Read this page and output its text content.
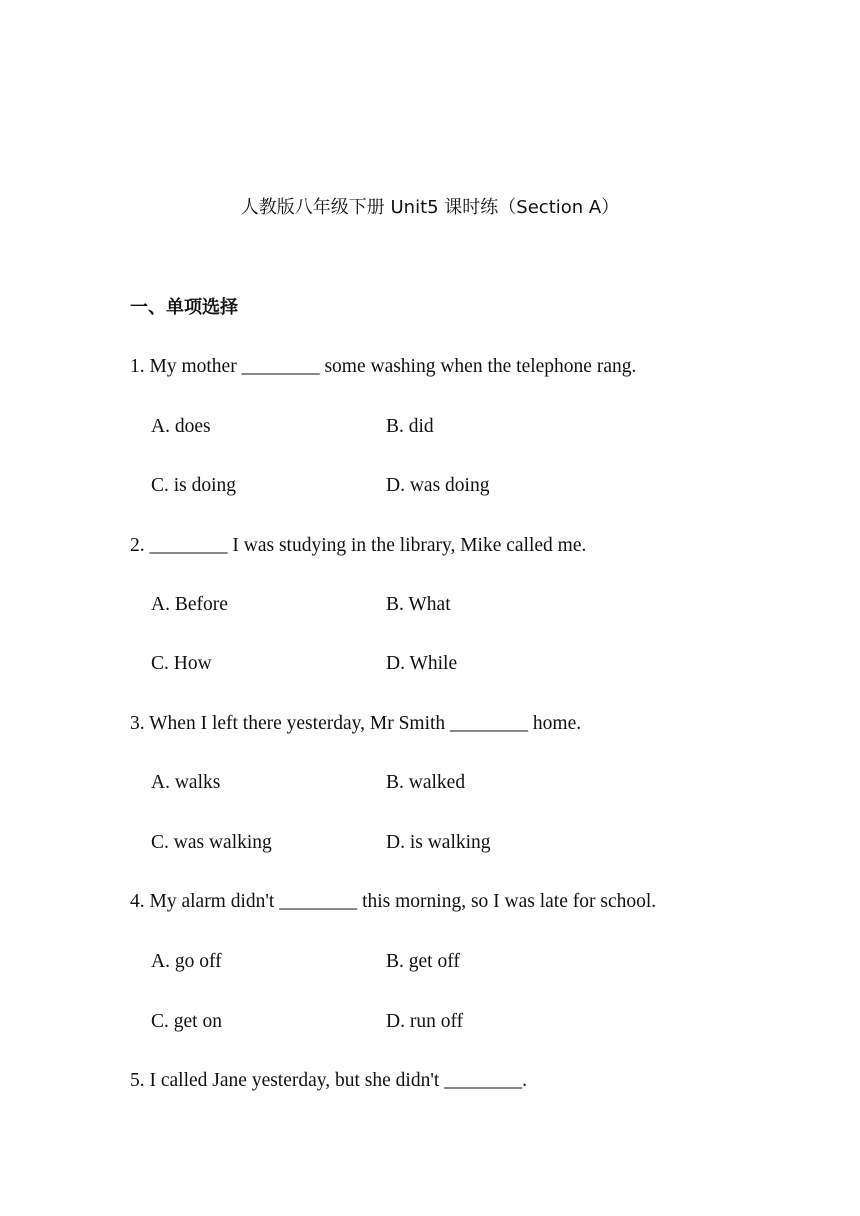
人教版八年级下册 Unit5 课时练（Section A）
一、单项选择
1. My mother ________ some washing when the telephone rang.
A. does	B. did
C. is doing	D. was doing
2. ________ I was studying in the library, Mike called me.
A. Before	B. What
C. How	D. While
3. When I left there yesterday, Mr Smith ________ home.
A. walks	B. walked
C. was walking	D. is walking
4. My alarm didn't ________ this morning, so I was late for school.
A. go off	B. get off
C. get on	D. run off
5. I called Jane yesterday, but she didn't ________.
